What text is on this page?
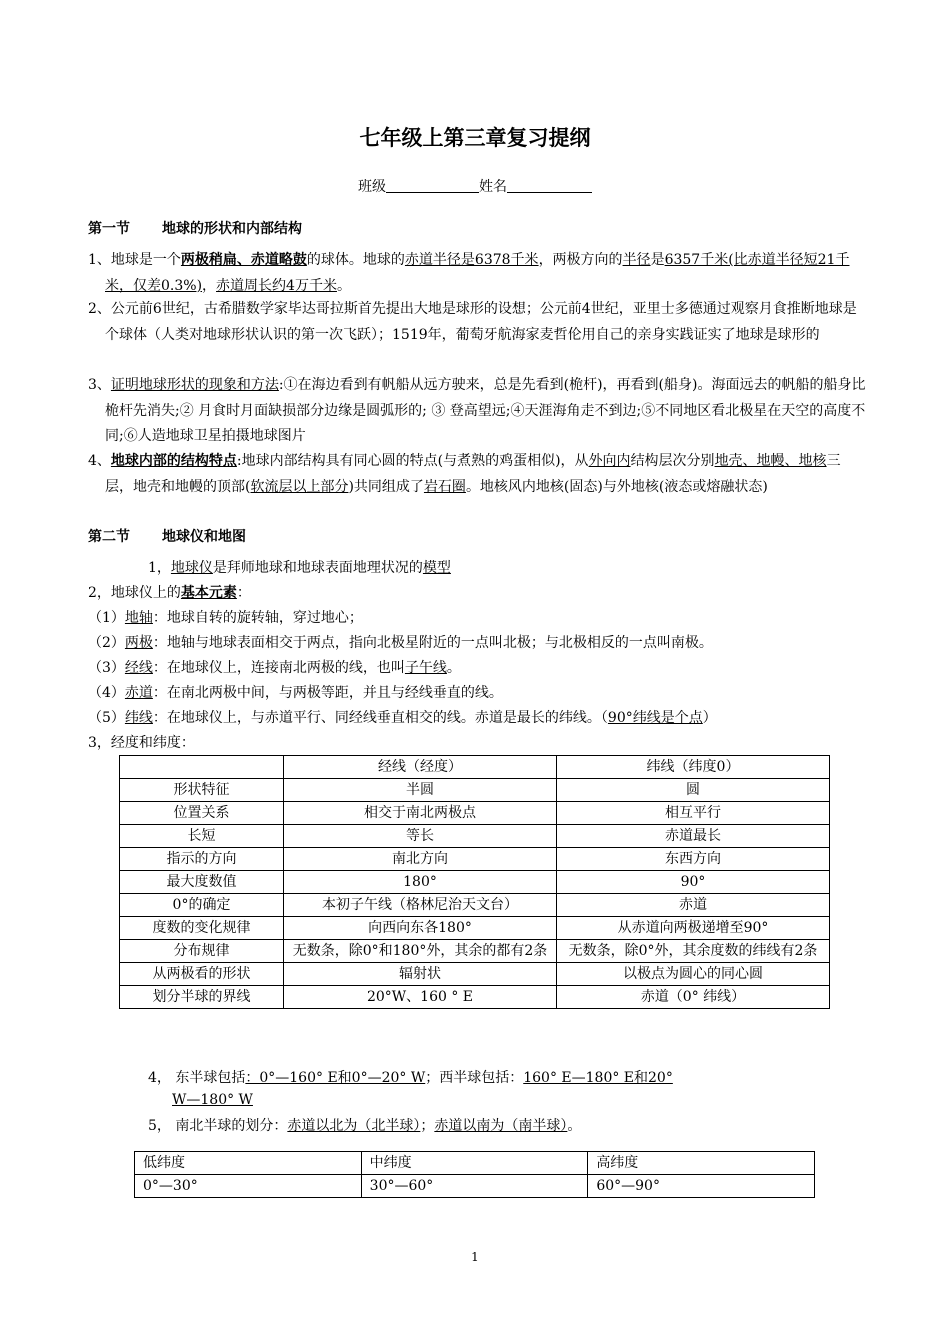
七年级上第三章复习提纲
班级	姓名
第一节 地球的形状和内部结构
1、地球是一个两极稍扁、赤道略鼓的球体。地球的赤道半径是6378千米，两极方向的半径是6357千米(比赤道半径短21千米，仅差0.3%)，赤道周长约4万千米。
2、公元前6世纪，古希腊数学家毕达哥拉斯首先提出大地是球形的设想；公元前4世纪，亚里士多德通过观察月食推断地球是个球体（人类对地球形状认识的第一次飞跃）；1519年，葡萄牙航海家麦哲伦用自己的亲身实践证实了地球是球形的
3、证明地球形状的现象和方法:①在海边看到有帆船从远方驶来，总是先看到(桅杆)，再看到(船身)。海面远去的帆船的船身比桅杆先消失;② 月食时月面缺损部分边缘是圆弧形的; ③ 登高望远;④天涯海角走不到边;⑤不同地区看北极星在天空的高度不同;⑥人造地球卫星拍摄地球图片
4、地球内部的结构特点:地球内部结构具有同心圆的特点(与煮熟的鸡蛋相似)，从外向内结构层次分别地壳、地幔、地核三层，地壳和地幔的顶部(软流层以上部分)共同组成了岩石圈。地核风内地核(固态)与外地核(液态或熔融状态)
第二节 地球仪和地图
1，地球仪是拜师地球和地球表面地理状况的模型
2，地球仪上的基本元素：
（1）地轴：地球自转的旋转轴，穿过地心；
（2）两极：地轴与地球表面相交于两点，指向北极星附近的一点叫北极；与北极相反的一点叫南极。
（3）经线：在地球仪上，连接南北两极的线，也叫子午线。
（4）赤道：在南北两极中间，与两极等距，并且与经线垂直的线。
（5）纬线：在地球仪上，与赤道平行、同经线垂直相交的线。赤道是最长的纬线。（90°纬线是个点）
3，经度和纬度：
	经线（经度）	纬线（纬度0）
形状特征	半圆	圆
位置关系	相交于南北两极点	相互平行
长短	等长	赤道最长
指示的方向	南北方向	东西方向
最大度数值	180°	90°
0°的确定	本初子午线（格林尼治天文台）	赤道
度数的变化规律	向西向东各180°	从赤道向两极递增至90°
分布规律	无数条，除0°和180°外，其余的都有2条	无数条，除0°外，其余度数的纬线有2条
从两极看的形状	辐射状	以极点为圆心的同心圆
划分半球的界线	20°W、160 ° E	赤道（0° 纬线）
4， 东半球包括：0°—160° E和0°—20° W；西半球包括：160° E—180° E和20°
W—180° W
5， 南北半球的划分：赤道以北为（北半球）；赤道以南为（南半球）。
低纬度	中纬度	高纬度
0°—30°	30°—60°	60°—90°
1
